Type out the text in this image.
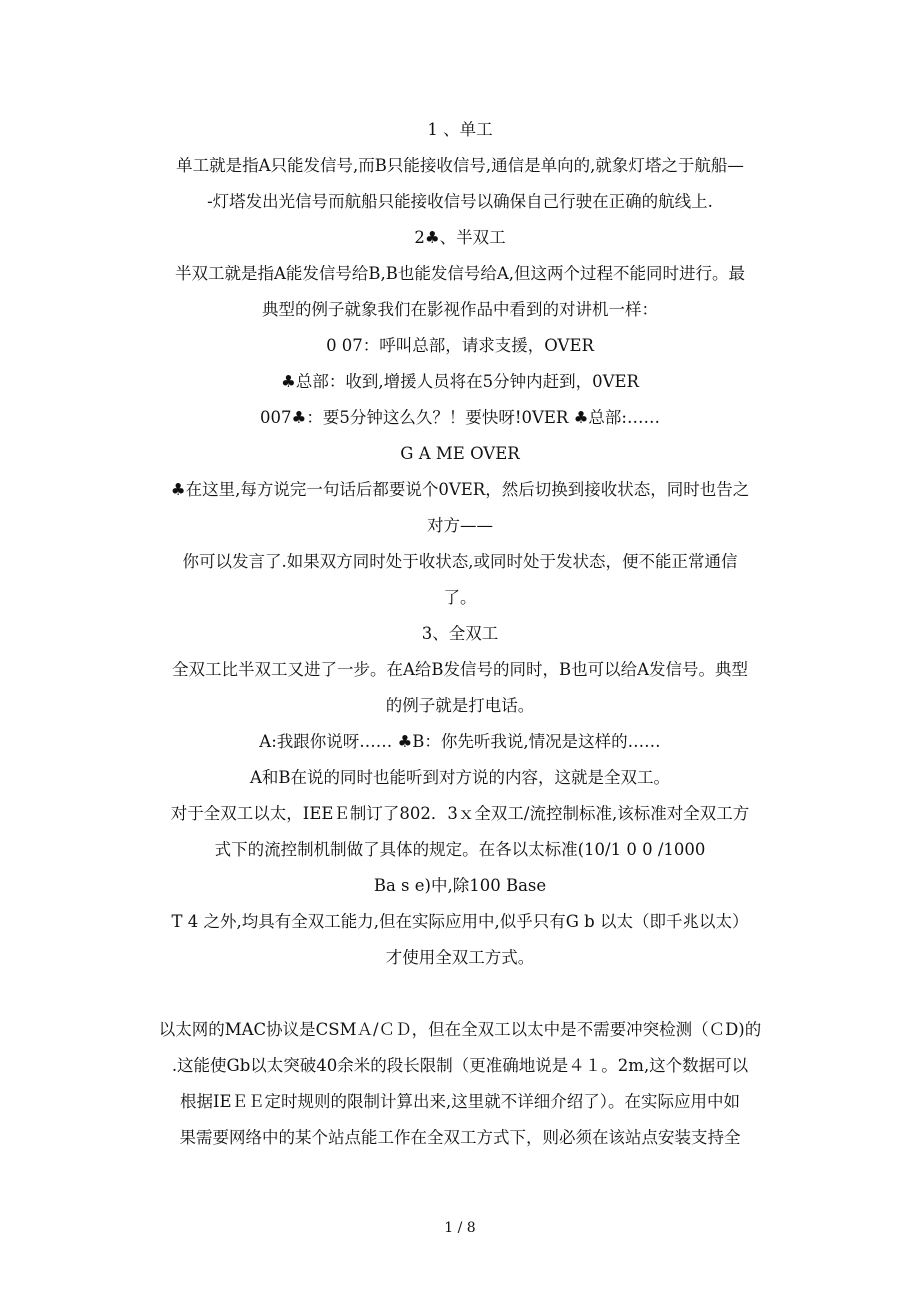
1 、单工
单工就是指A只能发信号,而B只能接收信号,通信是单向的,就象灯塔之于航船—
-灯塔发出光信号而航船只能接收信号以确保自己行驶在正确的航线上.
2♣、半双工
半双工就是指A能发信号给B,B也能发信号给A,但这两个过程不能同时进行。最
典型的例子就象我们在影视作品中看到的对讲机一样：
0 07：呼叫总部，请求支援，OVER
♣总部：收到,增援人员将在5分钟内赶到，0VER
007♣：要5分钟这么久？！要快呀!0VER ♣总部:……
G A ME OVER
♣在这里,每方说完一句话后都要说个0VER，然后切换到接收状态，同时也告之
对方——
你可以发言了.如果双方同时处于收状态,或同时处于发状态，便不能正常通信
了。
3、全双工
全双工比半双工又进了一步。在A给B发信号的同时，B也可以给A发信号。典型
的例子就是打电话。
A:我跟你说呀…… ♣B：你先听我说,情况是这样的……
A和B在说的同时也能听到对方说的内容，这就是全双工。
对于全双工以太，IEEＥ制订了802．3ｘ全双工/流控制标准,该标准对全双工方
式下的流控制机制做了具体的规定。在各以太标准(10/1 0 0 /1000
Ba s e)中,除100 Base
T 4 之外,均具有全双工能力,但在实际应用中,似乎只有G b 以太（即千兆以太）
才使用全双工方式。
以太网的MAC协议是CSMＡ/ＣＤ，但在全双工以太中是不需要冲突检测（ＣD)的
.这能使Gb以太突破40余米的段长限制（更准确地说是４１。2m,这个数据可以
根据IEＥＥ定时规则的限制计算出来,这里就不详细介绍了）。在实际应用中如
果需要网络中的某个站点能工作在全双工方式下，则必须在该站点安装支持全
1 / 8
